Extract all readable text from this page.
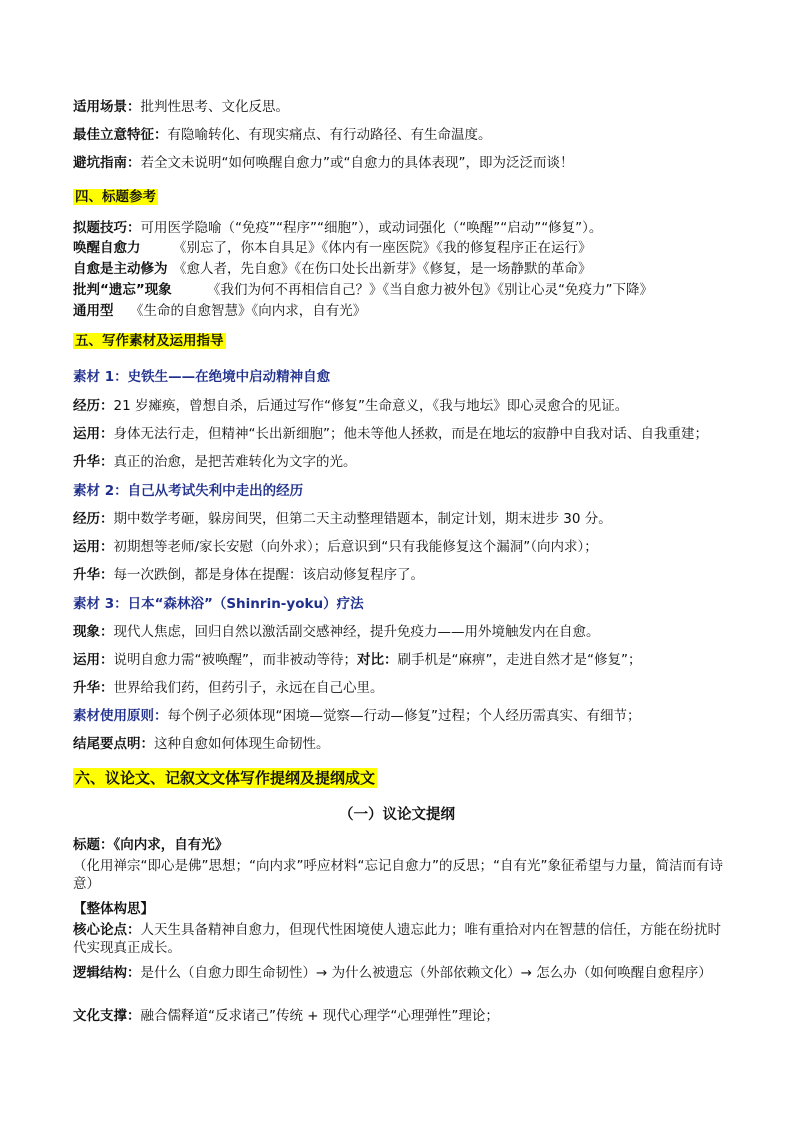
适用场景：批判性思考、文化反思。
最佳立意特征：有隐喻转化、有现实痛点、有行动路径、有生命温度。
避坑指南：若全文未说明“如何唤醒自愈力”或“自愈力的具体表现”，即为泛泛而谈！
四、标题参考
拟题技巧：可用医学隐喻（“免疫”“程序”“细胞”），或动词强化（“唤醒”“启动”“修复”）。
唤醒自愈力 《别忘了，你本自具足》《体内有一座医院》《我的修复程序正在运行》
自愈是主动修为 《愈人者，先自愈》《在伤口处长出新芽》《修复，是一场静默的革命》
批判“遗忘”现象	《我们为何不再相信自己？》《当自愈力被外包》《别让心灵“免疫力”下降》
通用型 《生命的自愈智慧》《向内求，自有光》
五、写作素材及运用指导
素材 1：史铁生——在绝境中启动精神自愈
经历：21 岁瘫痪，曾想自杀，后通过写作“修复”生命意义，《我与地坛》即心灵愈合的见证。
运用：身体无法行走，但精神“长出新细胞”；他未等他人拯救，而是在地坛的寂静中自我对话、自我重建；
升华：真正的治愈，是把苦难转化为文字的光。
素材 2：自己从考试失利中走出的经历
经历：期中数学考砸，躲房间哭，但第二天主动整理错题本，制定计划，期末进步 30 分。
运用：初期想等老师/家长安慰（向外求）；后意识到“只有我能修复这个漏洞”（向内求）；
升华：每一次跌倒，都是身体在提醒：该启动修复程序了。
素材 3：日本“森林浴”（Shinrin-yoku）疗法
现象：现代人焦虑，回归自然以激活副交感神经，提升免疫力——用外境触发内在自愈。
运用：说明自愈力需“被唤醒”，而非被动等待；对比：刷手机是“麻痹”，走进自然才是“修复”；
升华：世界给我们药，但药引子，永远在自己心里。
素材使用原则：每个例子必须体现“困境—觉察—行动—修复”过程；个人经历需真实、有细节；
结尾要点明：这种自愈如何体现生命韧性。
六、议论文、记叙文文体写作提纲及提纲成文
（一）议论文提纲
标题：《向内求，自有光》
（化用禅宗“即心是佛”思想；“向内求”呼应材料“忘记自愈力”的反思；“自有光”象征希望与力量，简洁而有诗意）
【整体构思】
核心论点：人天生具备精神自愈力，但现代性困境使人遗忘此力；唯有重拾对内在智慧的信任，方能在纷扰时代实现真正成长。
逻辑结构：是什么（自愈力即生命韧性）→ 为什么被遗忘（外部依赖文化）→ 怎么办（如何唤醒自愈程序）
文化支撑：融合儒释道“反求诸己”传统 + 现代心理学“心理弹性”理论；
